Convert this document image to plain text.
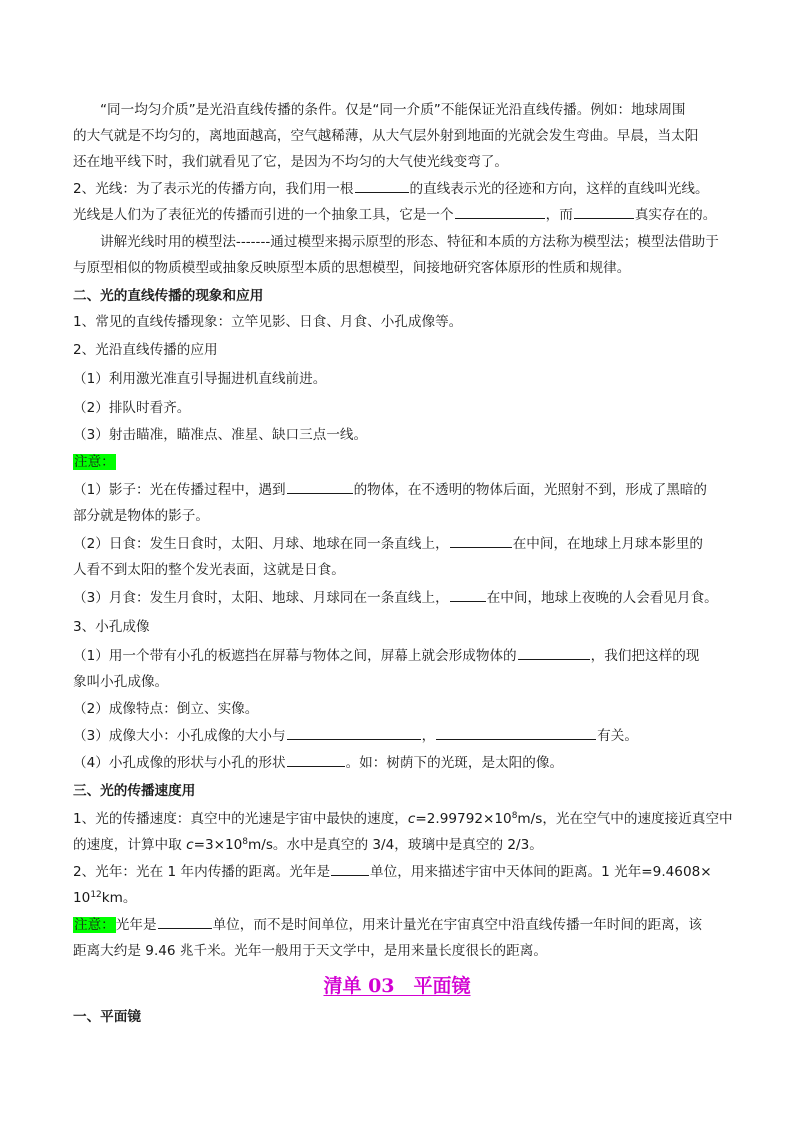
“同一均匀介质”是光沿直线传播的条件。仅是“同一介质”不能保证光沿直线传播。例如：地球周围

的大气就是不均匀的，离地面越高，空气越稀薄，从大气层外射到地面的光就会发生弯曲。早晨，当太阳

还在地平线下时，我们就看见了它，是因为不均匀的大气使光线变弯了。

2、光线：为了表示光的传播方向，我们用一根	的直线表示光的径迹和方向，这样的直线叫光线。

光线是人们为了表征光的传播而引进的一个抽象工具，它是一个	，而	真实存在的。

讲解光线时用的模型法-------通过模型来揭示原型的形态、特征和本质的方法称为模型法；模型法借助于

与原型相似的物质模型或抽象反映原型本质的思想模型，间接地研究客体原形的性质和规律。

二、光的直线传播的现象和应用

1、常见的直线传播现象：立竿见影、日食、月食、小孔成像等。

2、光沿直线传播的应用

（1）利用激光准直引导掘进机直线前进。

（2）排队时看齐。

（3）射击瞄准，瞄准点、准星、缺口三点一线。

注意：

（1）影子：光在传播过程中，遇到	的物体，在不透明的物体后面，光照射不到，形成了黑暗的

部分就是物体的影子。

（2）日食：发生日食时，太阳、月球、地球在同一条直线上，	在中间，在地球上月球本影里的

人看不到太阳的整个发光表面，这就是日食。

（3）月食：发生月食时，太阳、地球、月球同在一条直线上，	在中间，地球上夜晚的人会看见月食。

3、小孔成像

（1）用一个带有小孔的板遮挡在屏幕与物体之间，屏幕上就会形成物体的	，我们把这样的现

象叫小孔成像。

（2）成像特点：倒立、实像。

（3）成像大小：小孔成像的大小与	，	有关。

（4）小孔成像的形状与小孔的形状	。如：树荫下的光斑，是太阳的像。

三、光的传播速度用

1、光的传播速度：真空中的光速是宇宙中最快的速度，$c=2.99792\times 10^8m/s$，光在空气中的速度接近真空中

的速度，计算中取 $c=3\times 10^8m/s$。水中是真空的 3/4，玻璃中是真空的 2/3。

2、光年：光在 1 年内传播的距离。光年是	单位，用来描述宇宙中天体间的距离。1 光年=9.4608×

$10^{12}km$。

注意：光年是	单位，而不是时间单位，用来计量光在宇宙真空中沿直线传播一年时间的距离，该

距离大约是 9.46 兆千米。光年一般用于天文学中，是用来量长度很长的距离。

清单 03　平面镜

一、平面镜
